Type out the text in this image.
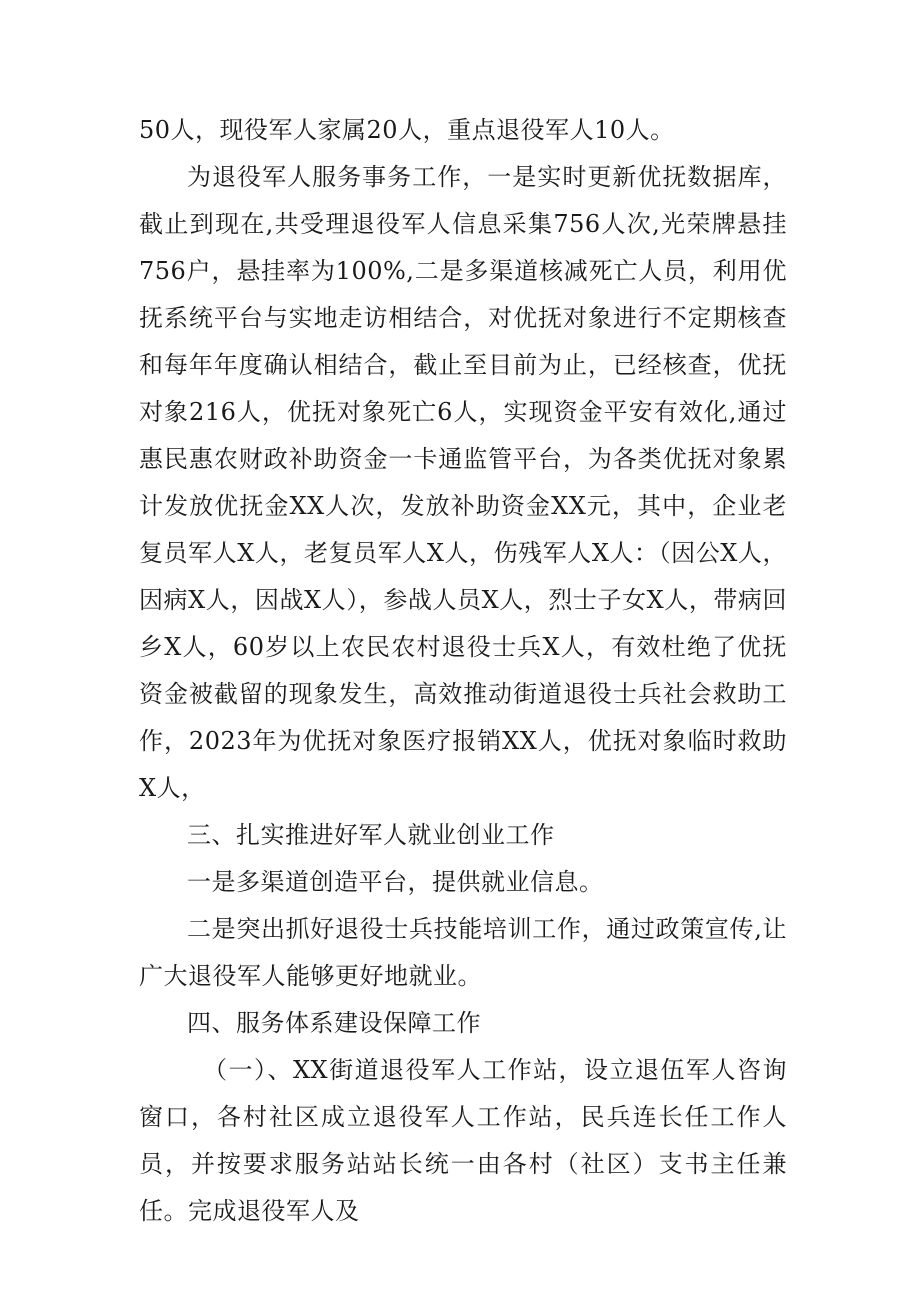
50人，现役军人家属20人，重点退役军人10人。

为退役军人服务事务工作，一是实时更新优抚数据库，截止到现在,共受理退役军人信息采集756人次,光荣牌悬挂756户，悬挂率为100%,二是多渠道核减死亡人员，利用优抚系统平台与实地走访相结合，对优抚对象进行不定期核查和每年年度确认相结合，截止至目前为止，已经核查，优抚对象216人，优抚对象死亡6人，实现资金平安有效化,通过惠民惠农财政补助资金一卡通监管平台，为各类优抚对象累计发放优抚金XX人次，发放补助资金XX元，其中，企业老复员军人X人，老复员军人X人，伤残军人X人：（因公X人，因病X人，因战X人），参战人员X人，烈士子女X人，带病回乡X人，60岁以上农民农村退役士兵X人，有效杜绝了优抚资金被截留的现象发生，高效推动街道退役士兵社会救助工作，2023年为优抚对象医疗报销XX人，优抚对象临时救助X人，

三、扎实推进好军人就业创业工作

一是多渠道创造平台，提供就业信息。

二是突出抓好退役士兵技能培训工作，通过政策宣传,让广大退役军人能够更好地就业。

四、服务体系建设保障工作

（一）、XX街道退役军人工作站，设立退伍军人咨询窗口，各村社区成立退役军人工作站，民兵连长任工作人员，并按要求服务站站长统一由各村（社区）支书主任兼任。完成退役军人及
